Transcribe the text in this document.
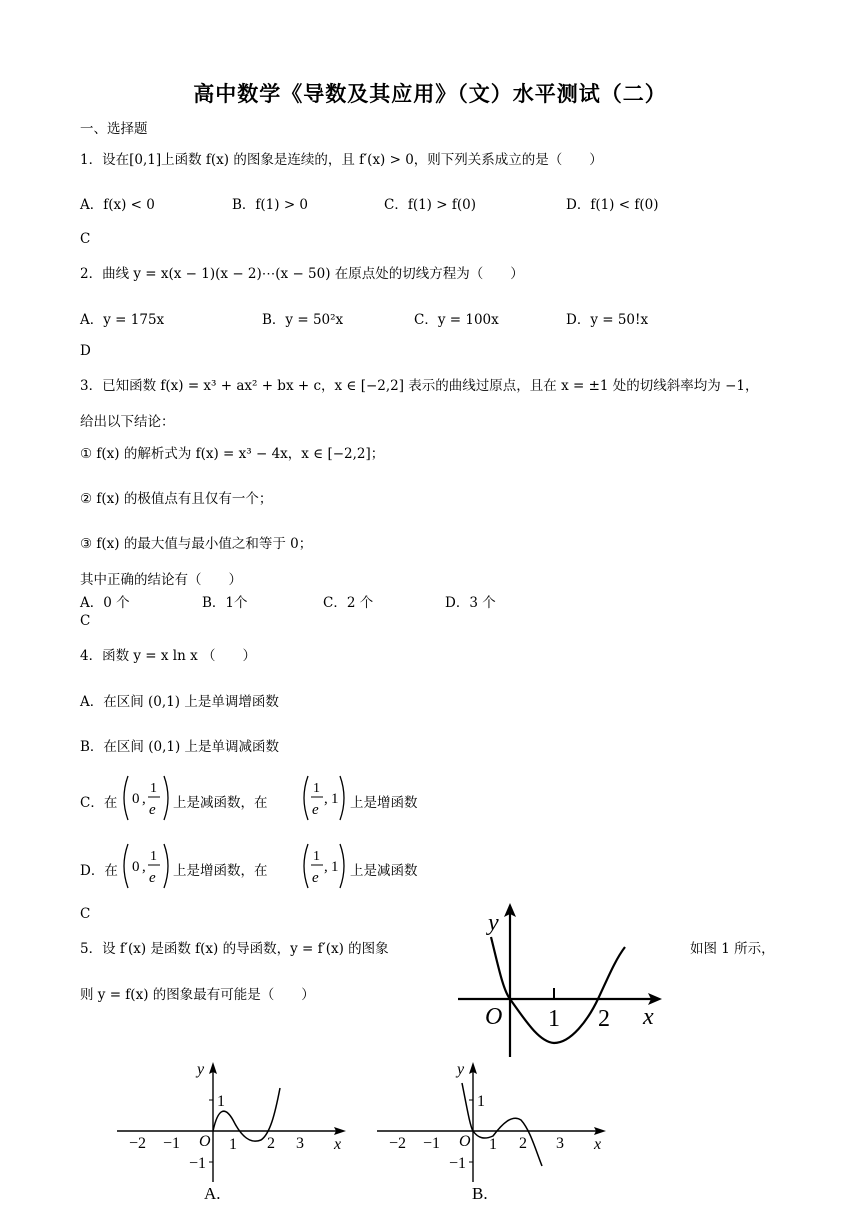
高中数学《导数及其应用》（文）水平测试（二）
一、选择题
1．设在[0,1]上函数 f(x) 的图象是连续的，且 f′(x) > 0，则下列关系成立的是（　　）
A．f(x) < 0	B．f(1) > 0	C．f(1) > f(0)	D．f(1) < f(0)
C
2．曲线 y = x(x − 1)(x − 2)⋯(x − 50) 在原点处的切线方程为（　　）
A．y = 175x	B．y = 50²x	C．y = 100x	D．y = 50!x
D
3．已知函数 f(x) = x³ + ax² + bx + c，x ∈ [−2,2] 表示的曲线过原点，且在 x = ±1 处的切线斜率均为 −1，
给出以下结论：
① f(x) 的解析式为 f(x) = x³ − 4x，x ∈ [−2,2]；
② f(x) 的极值点有且仅有一个；
③ f(x) 的最大值与最小值之和等于 0；
其中正确的结论有（　　）
A．0 个	B．1个	C．2 个	D．3 个
C
4．函数 y = x ln x （　　）
A．在区间 (0,1) 上是单调增函数
B．在区间 (0,1) 上是单调减函数
C．在 0 ,
1
e
1
e
, 1
上是减函数，在	上是增函数
D．在 0 ,
1
e
1
e
, 1
上是增函数，在	上是减函数
C
5．设 f′(x) 是函数 f(x) 的导函数，y = f′(x) 的图象	如图 1 所示，
则 y = f(x) 的图象最有可能是（　　）
y
O 1 2 x
y
x
1
−1
O
−2 −1	1 2 3
A.
y
x
1
−1
O
−2 −1	1 2 3
B.
